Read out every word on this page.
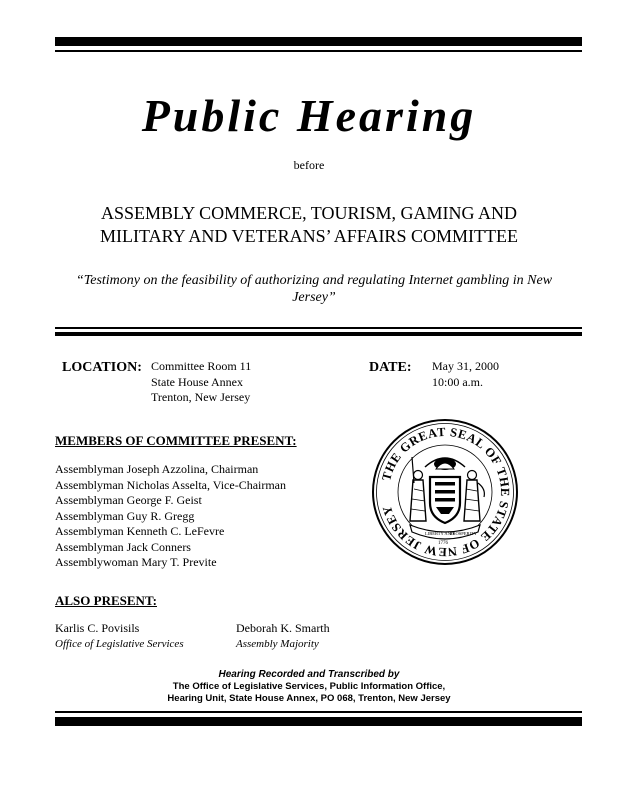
Public Hearing
before
ASSEMBLY COMMERCE, TOURISM, GAMING AND
MILITARY AND VETERANS’ AFFAIRS COMMITTEE
“Testimony on the feasibility of authorizing and regulating Internet gambling in New Jersey”
LOCATION: Committee Room 11
State House Annex
Trenton, New Jersey
DATE: May 31, 2000
10:00 a.m.
MEMBERS OF COMMITTEE PRESENT:
Assemblyman Joseph Azzolina, Chairman
Assemblyman Nicholas Asselta, Vice-Chairman
Assemblyman George F. Geist
Assemblyman Guy R. Gregg
Assemblyman Kenneth C. LeFevre
Assemblyman Jack Conners
Assemblywoman Mary T. Previte
THE GREAT SEAL OF THE STATE OF NEW JERSEY
LIBERTY AND
PROSPERITY
1776
ALSO PRESENT:
Karlis C. Povisils
Office of Legislative Services
Deborah K. Smarth
Assembly Majority
Hearing Recorded and Transcribed by
The Office of Legislative Services, Public Information Office,
Hearing Unit, State House Annex, PO 068, Trenton, New Jersey
